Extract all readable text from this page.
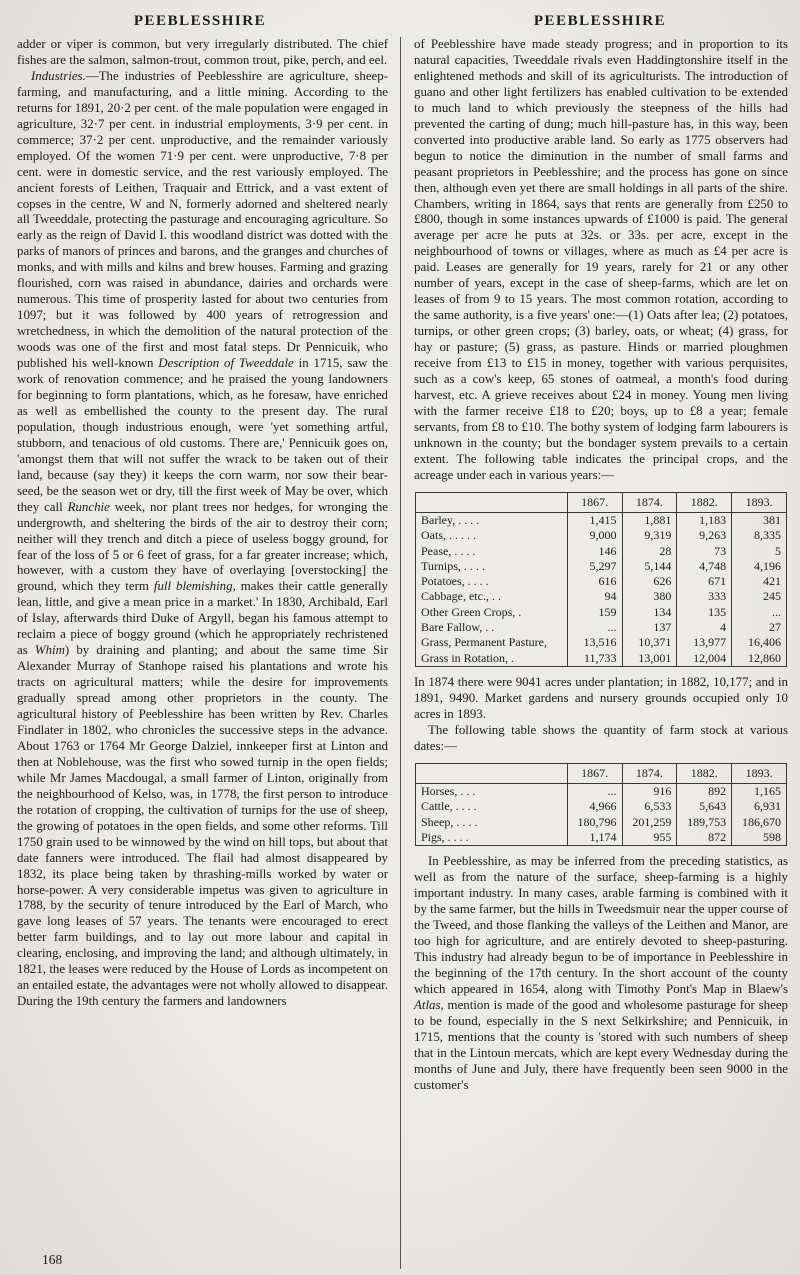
PEEBLESSHIRE	PEEBLESSHIRE

adder or viper is common, but very irregularly distributed. The chief fishes are the salmon, salmon-trout, common trout, pike, perch, and eel.

Industries.—The industries of Peeblesshire are agriculture, sheep-farming, and manufacturing, and a little mining. According to the returns for 1891, 20·2 per cent. of the male population were engaged in agriculture, 32·7 per cent. in industrial employments, 3·9 per cent. in commerce; 37·2 per cent. unproductive, and the remainder variously employed. Of the women 71·9 per cent. were unproductive, 7·8 per cent. were in domestic service, and the rest variously employed. The ancient forests of Leithen, Traquair and Ettrick, and a vast extent of copses in the centre, W and N, formerly adorned and sheltered nearly all Tweeddale, protecting the pasturage and encouraging agriculture. So early as the reign of David I. this woodland district was dotted with the parks of manors of princes and barons, and the granges and churches of monks, and with mills and kilns and brew houses. Farming and grazing flourished, corn was raised in abundance, dairies and orchards were numerous. This time of prosperity lasted for about two centuries from 1097; but it was followed by 400 years of retrogression and wretchedness, in which the demolition of the natural protection of the woods was one of the first and most fatal steps. Dr Pennicuik, who published his well-known Description of Tweeddale in 1715, saw the work of renovation commence; and he praised the young landowners for beginning to form plantations, which, as he foresaw, have enriched as well as embellished the county to the present day. The rural population, though industrious enough, were 'yet something artful, stubborn, and tenacious of old customs. There are,' Pennicuik goes on, 'amongst them that will not suffer the wrack to be taken out of their land, because (say they) it keeps the corn warm, nor sow their bear-seed, be the season wet or dry, till the first week of May be over, which they call Runchie week, nor plant trees nor hedges, for wronging the undergrowth, and sheltering the birds of the air to destroy their corn; neither will they trench and ditch a piece of useless boggy ground, for fear of the loss of 5 or 6 feet of grass, for a far greater increase; which, however, with a custom they have of overlaying [overstocking] the ground, which they term full blemishing, makes their cattle generally lean, little, and give a mean price in a market.' In 1830, Archibald, Earl of Islay, afterwards third Duke of Argyll, began his famous attempt to reclaim a piece of boggy ground (which he appropriately rechristened as Whim) by draining and planting; and about the same time Sir Alexander Murray of Stanhope raised his plantations and wrote his tracts on agricultural matters; while the desire for improvements gradually spread among other proprietors in the county. The agricultural history of Peeblesshire has been written by Rev. Charles Findlater in 1802, who chronicles the successive steps in the advance. About 1763 or 1764 Mr George Dalziel, innkeeper first at Linton and then at Noblehouse, was the first who sowed turnip in the open fields; while Mr James Macdougal, a small farmer of Linton, originally from the neighbourhood of Kelso, was, in 1778, the first person to introduce the rotation of cropping, the cultivation of turnips for the use of sheep, the growing of potatoes in the open fields, and some other reforms. Till 1750 grain used to be winnowed by the wind on hill tops, but about that date fanners were introduced. The flail had almost disappeared by 1832, its place being taken by thrashing-mills worked by water or horse-power. A very considerable impetus was given to agriculture in 1788, by the security of tenure introduced by the Earl of March, who gave long leases of 57 years. The tenants were encouraged to erect better farm buildings, and to lay out more labour and capital in clearing, enclosing, and improving the land; and although ultimately, in 1821, the leases were reduced by the House of Lords as incompetent on an entailed estate, the advantages were not wholly allowed to disappear. During the 19th century the farmers and landowners

of Peeblesshire have made steady progress; and in proportion to its natural capacities, Tweeddale rivals even Haddingtonshire itself in the enlightened methods and skill of its agriculturists. The introduction of guano and other light fertilizers has enabled cultivation to be extended to much land to which previously the steepness of the hills had prevented the carting of dung; much hill-pasture has, in this way, been converted into productive arable land. So early as 1775 observers had begun to notice the diminution in the number of small farms and peasant proprietors in Peeblesshire; and the process has gone on since then, although even yet there are small holdings in all parts of the shire. Chambers, writing in 1864, says that rents are generally from £250 to £800, though in some instances upwards of £1000 is paid. The general average per acre he puts at 32s. or 33s. per acre, except in the neighbourhood of towns or villages, where as much as £4 per acre is paid. Leases are generally for 19 years, rarely for 21 or any other number of years, except in the case of sheep-farms, which are let on leases of from 9 to 15 years. The most common rotation, according to the same authority, is a five years' one:—(1) Oats after lea; (2) potatoes, turnips, or other green crops; (3) barley, oats, or wheat; (4) grass, for hay or pasture; (5) grass, as pasture. Hinds or married ploughmen receive from £13 to £15 in money, together with various perquisites, such as a cow's keep, 65 stones of oatmeal, a month's food during harvest, etc. A grieve receives about £24 in money. Young men living with the farmer receive £18 to £20; boys, up to £8 a year; female servants, from £8 to £10. The bothy system of lodging farm labourers is unknown in the county; but the bondager system prevails to a certain extent. The following table indicates the principal crops, and the acreage under each in various years:—

	1867.	1874.	1882.	1893.
Barley, . . . .	1,415	1,881	1,183	381
Oats, . . . . .	9,000	9,319	9,263	8,335
Pease, . . . .	146	28	73	5
Turnips, . . . .	5,297	5,144	4,748	4,196
Potatoes, . . . .	616	626	671	421
Cabbage, etc., . .	94	380	333	245
Other Green Crops, .	159	134	135	...
Bare Fallow, . .	...	137	4	27
Grass, Permanent Pasture,	13,516	10,371	13,977	16,406
Grass in Rotation, .	11,733	13,001	12,004	12,860

In 1874 there were 9041 acres under plantation; in 1882, 10,177; and in 1891, 9490. Market gardens and nursery grounds occupied only 10 acres in 1893.

The following table shows the quantity of farm stock at various dates:—

	1867.	1874.	1882.	1893.
Horses, . . .	...	916	892	1,165
Cattle, . . . .	4,966	6,533	5,643	6,931
Sheep, . . . .	180,796	201,259	189,753	186,670
Pigs, . . . .	1,174	955	872	598

In Peeblesshire, as may be inferred from the preceding statistics, as well as from the nature of the surface, sheep-farming is a highly important industry. In many cases, arable farming is combined with it by the same farmer, but the hills in Tweedsmuir near the upper course of the Tweed, and those flanking the valleys of the Leithen and Manor, are too high for agriculture, and are entirely devoted to sheep-pasturing. This industry had already begun to be of importance in Peeblesshire in the beginning of the 17th century. In the short account of the county which appeared in 1654, along with Timothy Pont's Map in Blaew's Atlas, mention is made of the good and wholesome pasturage for sheep to be found, especially in the S next Selkirkshire; and Pennicuik, in 1715, mentions that the county is 'stored with such numbers of sheep that in the Lintoun mercats, which are kept every Wednesday during the months of June and July, there have frequently been seen 9000 in the customer's

168
